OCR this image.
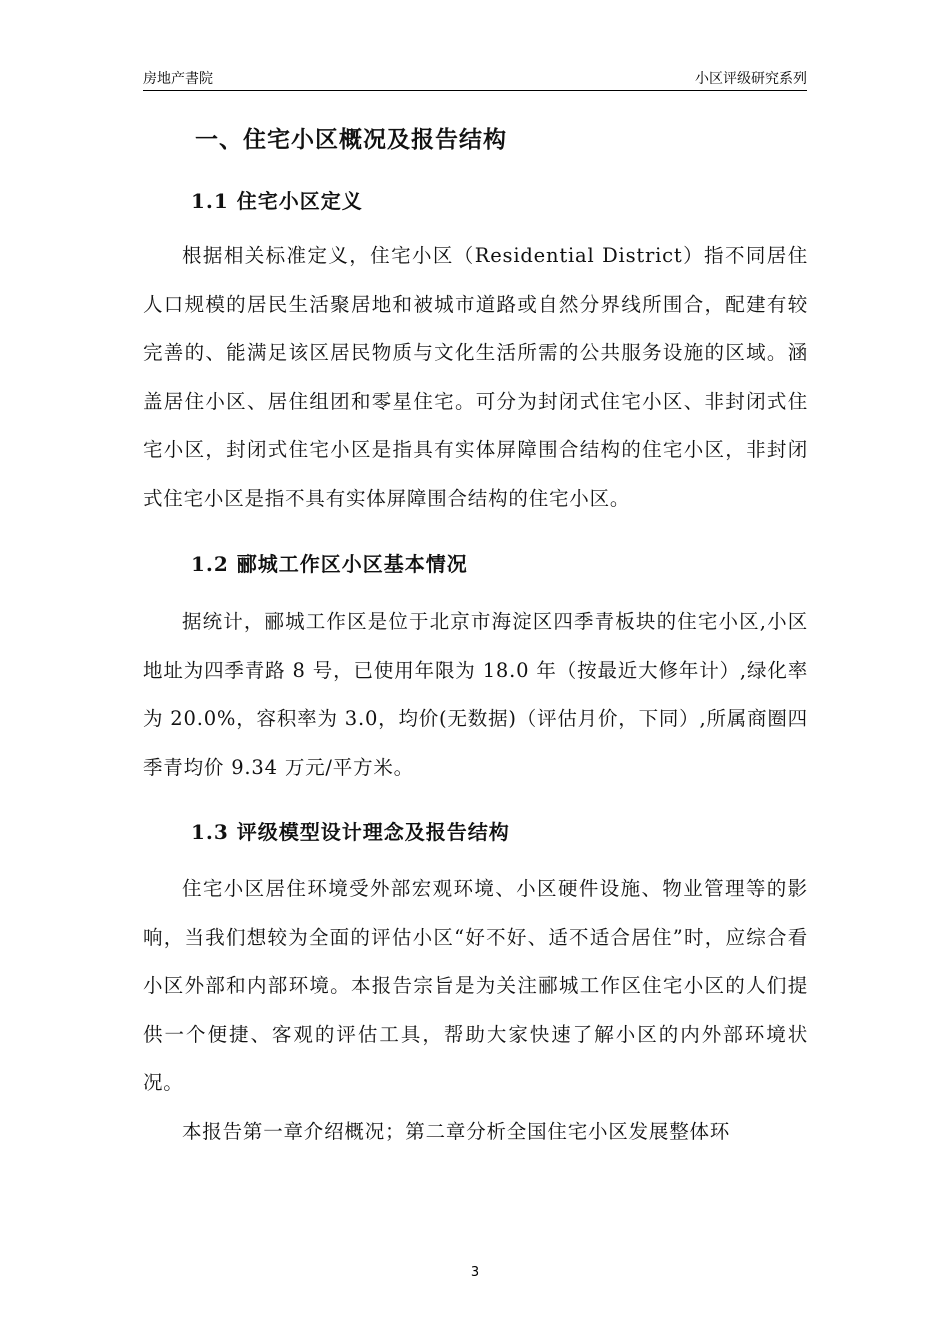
房地产書院	小区评级研究系列
一、住宅小区概况及报告结构
1.1 住宅小区定义

根据相关标准定义，住宅小区（Residential District）指不同居住人口规模的居民生活聚居地和被城市道路或自然分界线所围合，配建有较完善的、能满足该区居民物质与文化生活所需的公共服务设施的区域。涵盖居住小区、居住组团和零星住宅。可分为封闭式住宅小区、非封闭式住宅小区，封闭式住宅小区是指具有实体屏障围合结构的住宅小区，非封闭式住宅小区是指不具有实体屏障围合结构的住宅小区。

1.2 郦城工作区小区基本情况

据统计，郦城工作区是位于北京市海淀区四季青板块的住宅小区,小区地址为四季青路 8 号，已使用年限为 18.0 年（按最近大修年计）,绿化率为 20.0%，容积率为 3.0，均价(无数据)（评估月价，下同）,所属商圈四季青均价 9.34 万元/平方米。

1.3 评级模型设计理念及报告结构

住宅小区居住环境受外部宏观环境、小区硬件设施、物业管理等的影响，当我们想较为全面的评估小区“好不好、适不适合居住”时，应综合看小区外部和内部环境。本报告宗旨是为关注郦城工作区住宅小区的人们提供一个便捷、客观的评估工具，帮助大家快速了解小区的内外部环境状况。

本报告第一章介绍概况；第二章分析全国住宅小区发展整体环

3
